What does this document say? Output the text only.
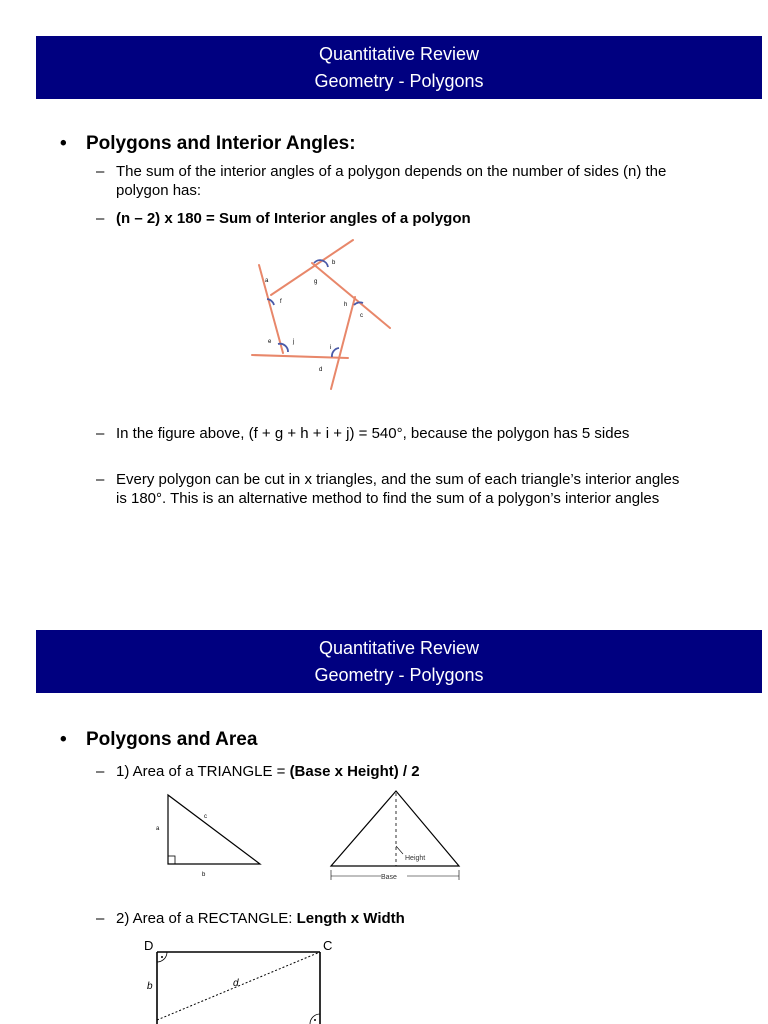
Quantitative Review
Geometry - Polygons
• Polygons and Interior Angles:
– The sum of the interior angles of a polygon depends on the number of sides (n) the polygon has:
– (n – 2) x 180 = Sum of Interior angles of a polygon
a
b
c
d
e
f
g
h
i
j
– In the figure above, (f + g + h + i + j) = 540°, because the polygon has 5 sides
– Every polygon can be cut in x triangles, and the sum of each triangle’s interior angles is 180°. This is an alternative method to find the sum of a polygon’s interior angles
Quantitative Review
Geometry - Polygons
• Polygons and Area
– 1) Area of a TRIANGLE = (Base x Height) / 2
a
b
c
Height
Base
– 2) Area of a RECTANGLE: Length x Width
D	C
b	d
